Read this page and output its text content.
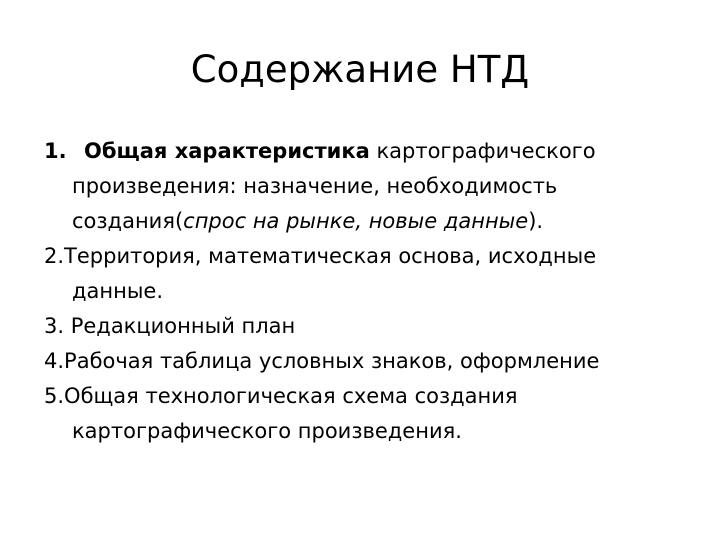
Содержание НТД

1. Общая характеристика картографического произведения: назначение, необходимость создания(спрос на рынке, новые данные).

2.Территория, математическая основа, исходные данные.

3. Редакционный план

4.Рабочая таблица условных знаков, оформление

5.Общая технологическая схема создания картографического произведения.
